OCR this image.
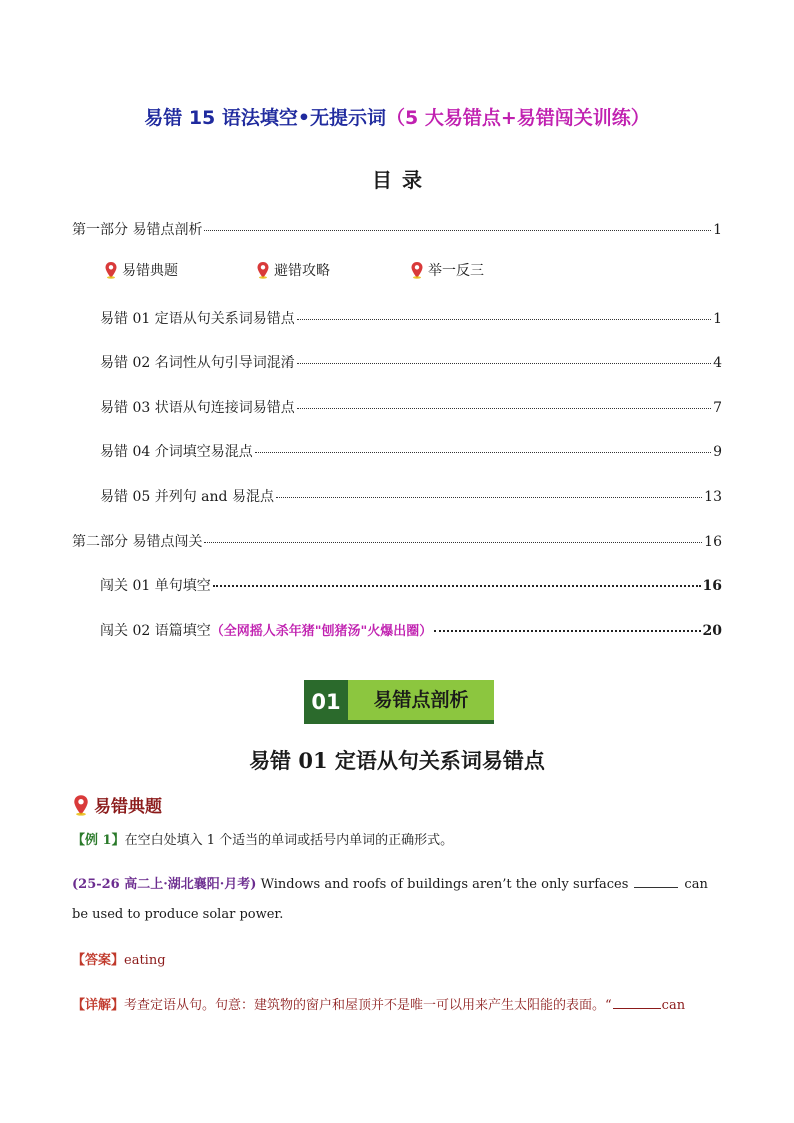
易错 15 语法填空•无提示词（5 大易错点+易错闯关训练）
目录
第一部分 易错点剖析	1
易错典题	避错攻略	举一反三
易错 01 定语从句关系词易错点	1
易错 02 名词性从句引导词混淆	4
易错 03 状语从句连接词易错点	7
易错 04 介词填空易混点	9
易错 05 并列句 and 易混点	13
第二部分 易错点闯关	16
闯关 01 单句填空	16
闯关 02 语篇填空 （全网摇人杀年猪"刨猪汤"火爆出圈）	20
01	易错点剖析
易错 01 定语从句关系词易错点
易错典题
【例 1】在空白处填入 1 个适当的单词或括号内单词的正确形式。
(25-26 高二上·湖北襄阳·月考) Windows and roofs of buildings aren’t the only surfaces	can be used to produce solar power.
【答案】eating
【详解】考查定语从句。句意：建筑物的窗户和屋顶并不是唯一可以用来产生太阳能的表面。“	can
